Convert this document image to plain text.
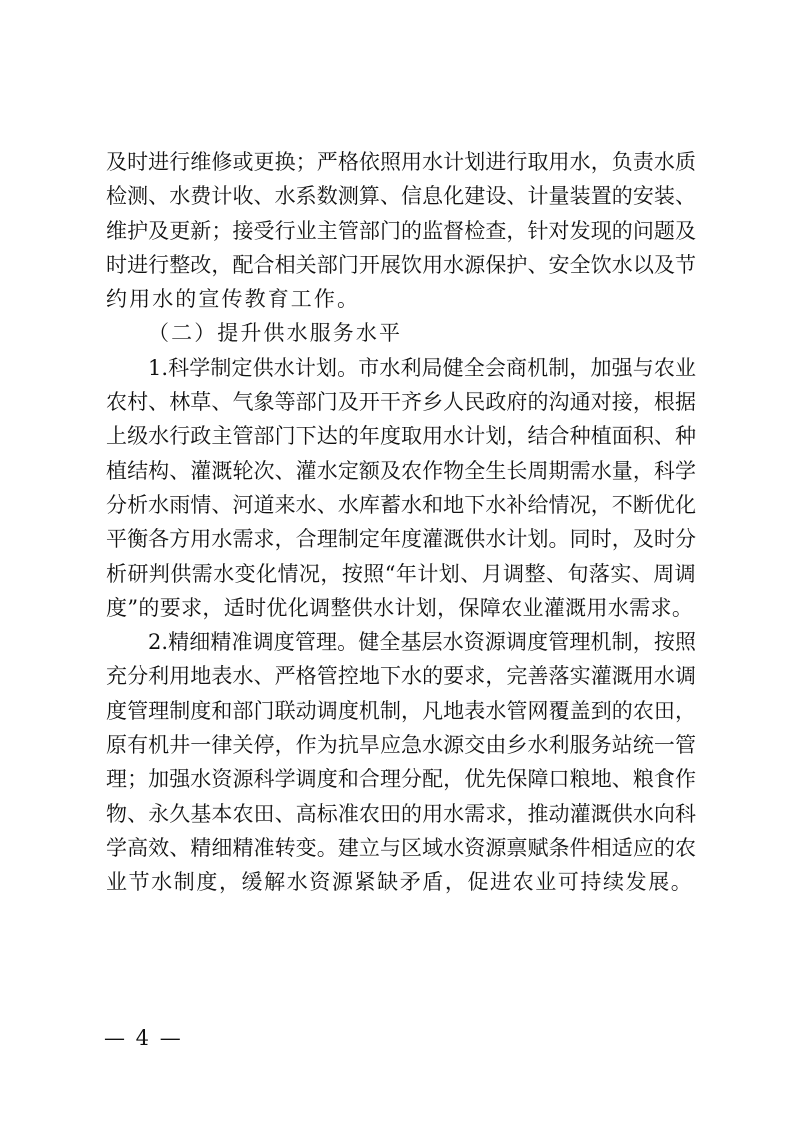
及时进行维修或更换；严格依照用水计划进行取用水，负责水质
检测、水费计收、水系数测算、信息化建设、计量装置的安装、
维护及更新；接受行业主管部门的监督检查，针对发现的问题及
时进行整改，配合相关部门开展饮用水源保护、安全饮水以及节
约用水的宣传教育工作。
（二）提升供水服务水平
1.科学制定供水计划。市水利局健全会商机制，加强与农业
农村、林草、气象等部门及开干齐乡人民政府的沟通对接，根据
上级水行政主管部门下达的年度取用水计划，结合种植面积、种
植结构、灌溉轮次、灌水定额及农作物全生长周期需水量，科学
分析水雨情、河道来水、水库蓄水和地下水补给情况，不断优化
平衡各方用水需求，合理制定年度灌溉供水计划。同时，及时分
析研判供需水变化情况，按照“年计划、月调整、旬落实、周调
度”的要求，适时优化调整供水计划，保障农业灌溉用水需求。
2.精细精准调度管理。健全基层水资源调度管理机制，按照
充分利用地表水、严格管控地下水的要求，完善落实灌溉用水调
度管理制度和部门联动调度机制，凡地表水管网覆盖到的农田，
原有机井一律关停，作为抗旱应急水源交由乡水利服务站统一管
理；加强水资源科学调度和合理分配，优先保障口粮地、粮食作
物、永久基本农田、高标准农田的用水需求，推动灌溉供水向科
学高效、精细精准转变。建立与区域水资源禀赋条件相适应的农
业节水制度，缓解水资源紧缺矛盾，促进农业可持续发展。
— 4 —
